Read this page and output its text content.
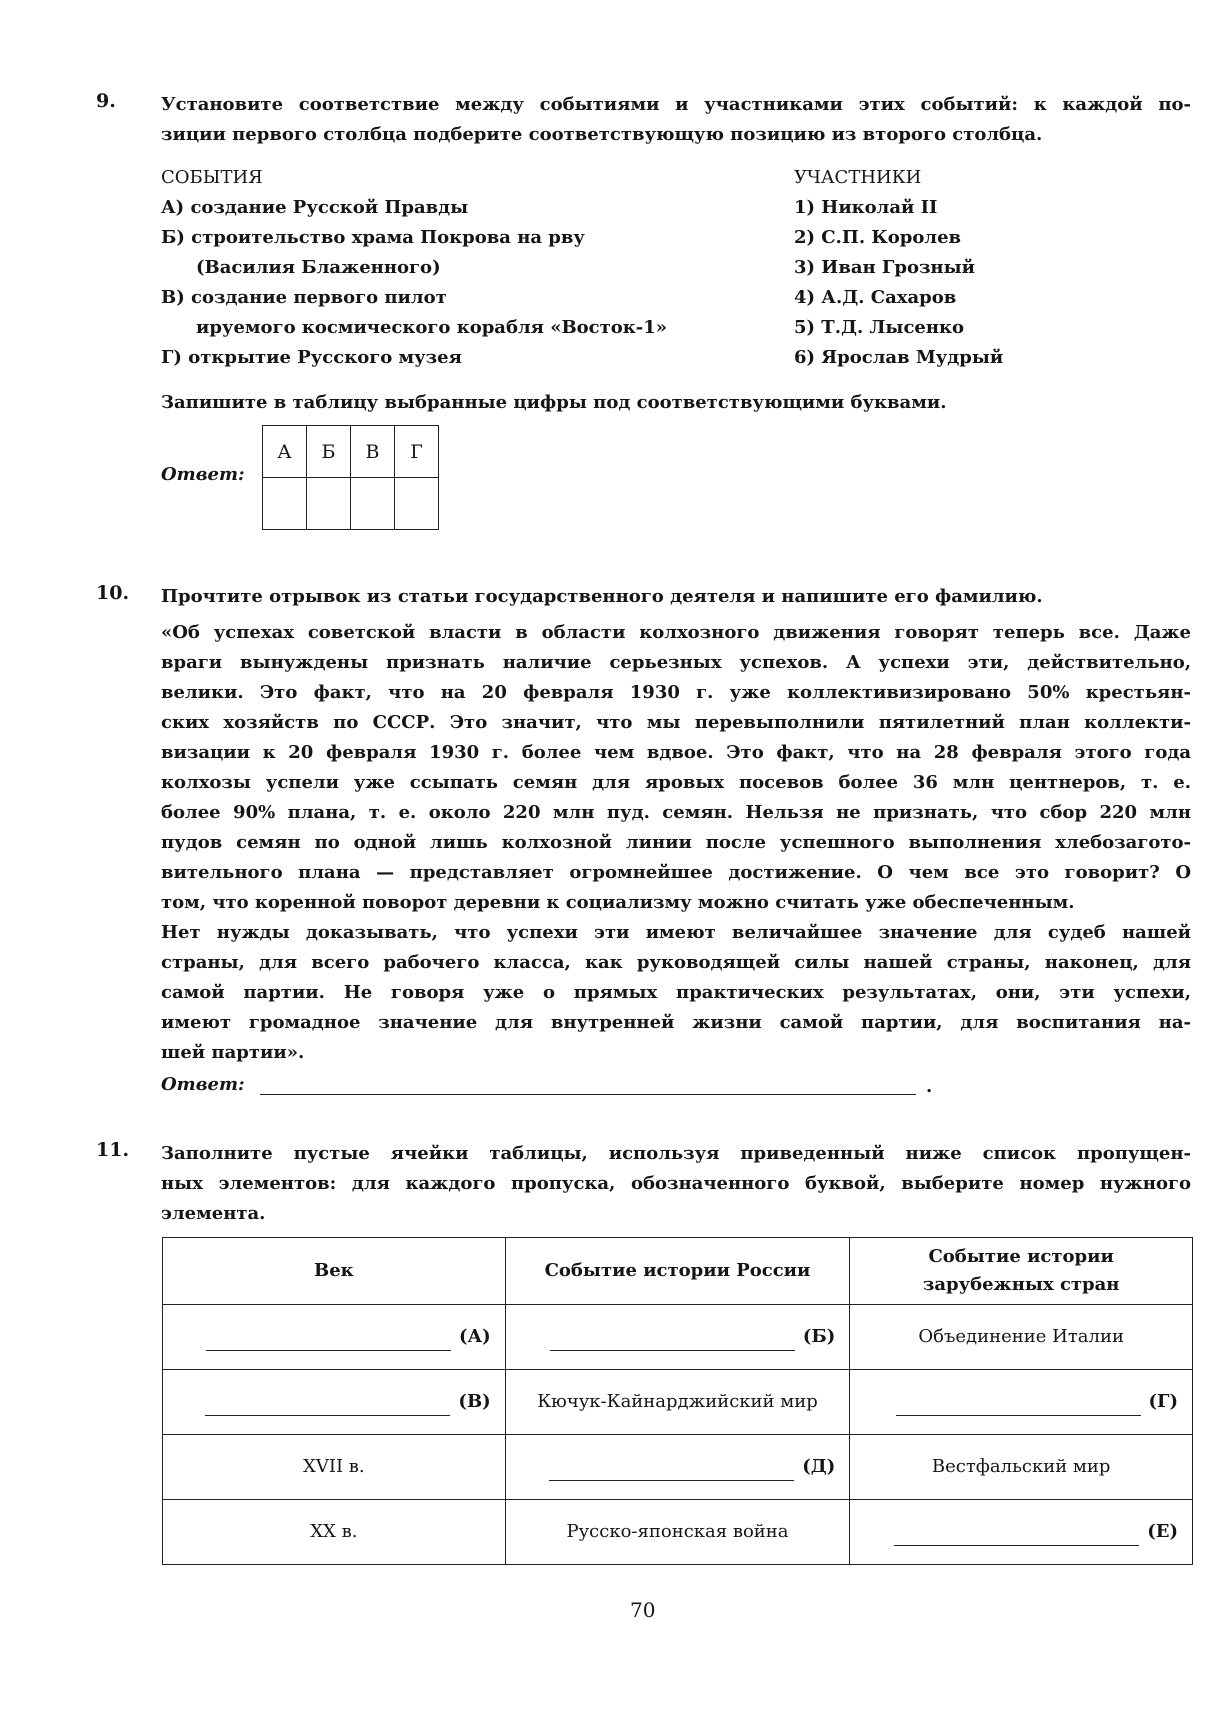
9.	Установите соответствие между событиями и участниками этих событий: к каждой по-
зиции первого столбца подберите соответствующую позицию из второго столбца.
СОБЫТИЯ
А) создание Русской Правды
Б) строительство храма Покрова на рву
(Василия Блаженного)
В) создание первого пилот
ируемого космического корабля «Восток-1»
Г) открытие Русского музея
УЧАСТНИКИ
1) Николай II
2) С.П. Королев
3) Иван Грозный
4) А.Д. Сахаров
5) Т.Д. Лысенко
6) Ярослав Мудрый
Запишите в таблицу выбранные цифры под соответствующими буквами.
Ответ:
А	Б	В	Г

10. Прочтите отрывок из статьи государственного деятеля и напишите его фамилию.
«Об успехах советской власти в области колхозного движения говорят теперь все. Даже
враги вынуждены признать наличие серьезных успехов. А успехи эти, действительно,
велики. Это факт, что на 20 февраля 1930 г. уже коллективизировано 50% крестьян-
ских хозяйств по СССР. Это значит, что мы перевыполнили пятилетний план коллекти-
визации к 20 февраля 1930 г. более чем вдвое. Это факт, что на 28 февраля этого года
колхозы успели уже ссыпать семян для яровых посевов более 36 млн центнеров, т. е.
более 90% плана, т. е. около 220 млн пуд. семян. Нельзя не признать, что сбор 220 млн
пудов семян по одной лишь колхозной линии после успешного выполнения хлебозаготo-
вительного плана — представляет огромнейшее достижение. О чем все это говорит? О
том, что коренной поворот деревни к социализму можно считать уже обеспеченным.
Нет нужды доказывать, что успехи эти имеют величайшее значение для судеб нашей
страны, для всего рабочего класса, как руководящей силы нашей страны, наконец, для
самой партии. Не говоря уже о прямых практических результатах, они, эти успехи,
имеют громадное значение для внутренней жизни самой партии, для воспитания на-
шей партии».
Ответ:	.
11. Заполните пустые ячейки таблицы, используя приведенный ниже список пропущен-
ных элементов: для каждого пропуска, обозначенного буквой, выберите номер нужного
элемента.
Век	Событие истории России	Событие истории зарубежных стран

(А)	(Б)	Объединение Италии

(В)	Кючук-Кайнарджийский мир	(Г)

XVII в.	(Д)	Вестфальский мир
XX в.	Русско-японская война	(Е)
70
